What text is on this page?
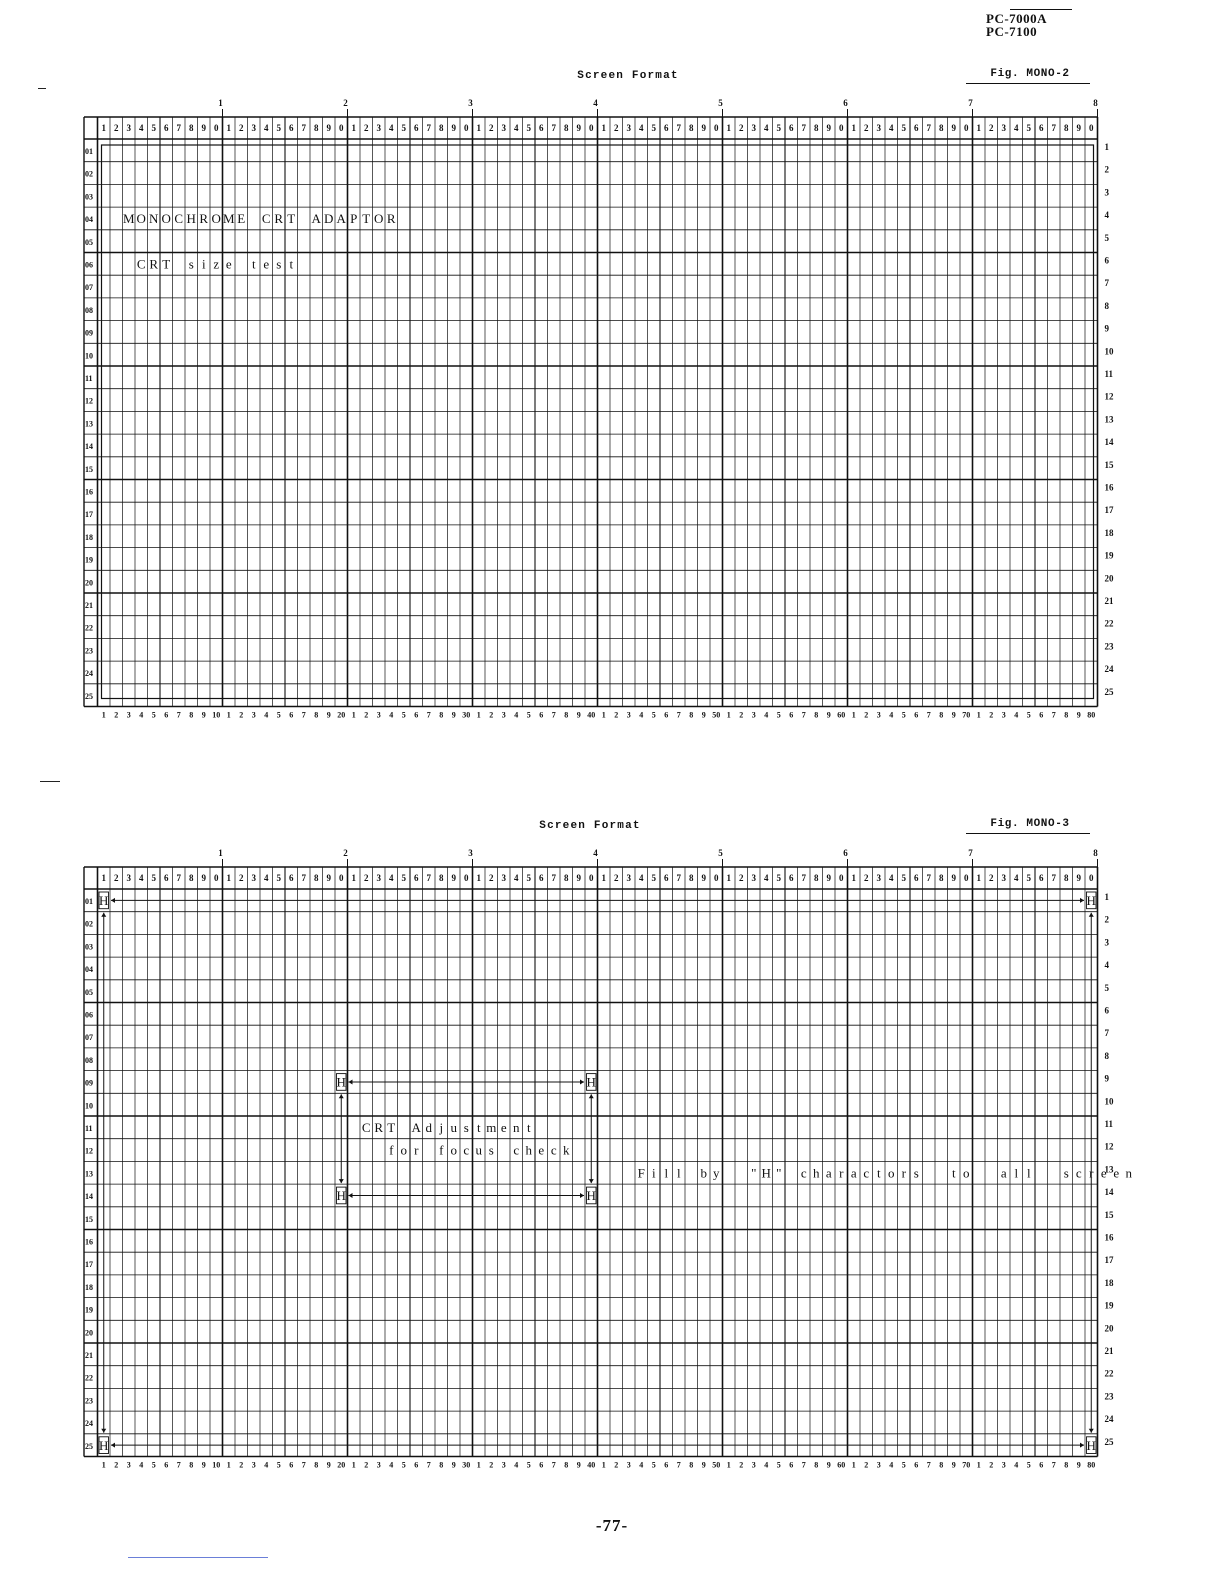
PC-7000A
PC-7100
Screen Format	Fig. MONO-2
Screen Format	Fig. MONO-3
1	2	3	4	5	6	7	8
1 2 3 4 5 6 7 8 9 0 1 2 3 4 5 6 7 8 9 0 1 2 3 4 5 6 7 8 9 0 1 2 3 4 5 6 7 8 9 0 1 2 3 4 5 6 7 8 9 0 1 2 3 4 5 6 7 8 9 0 1 2 3 4 5 6 7 8 9 0 1 2 3 4 5 6 7 8 9 0
01	1
02	2
03	3
04	4
05	5
06	6
07	7
08	8
09	9
10	10
11	11
12	12
13	13
14	14
15	15
16	16
17	17
18	18
19	19
20	20
21	21
22	22
23	23
24	24
25	25
1 2 3 4 5 6 7 8 9 10 1 2 3 4 5 6 7 8 9 20 1 2 3 4 5 6 7 8 9 30 1 2 3 4 5 6 7 8 9 40 1 2 3 4 5 6 7 8 9 50 1 2 3 4 5 6 7 8 9 60 1 2 3 4 5 6 7 8 9 70 1 2 3 4 5 6 7 8 9 80
M O N O C H R O M E C R T A D A P T O R
C R T s i z e t e s t
1	2	3	4	5	6	7	8
1 2 3 4 5 6 7 8 9 0 1 2 3 4 5 6 7 8 9 0 1 2 3 4 5 6 7 8 9 0 1 2 3 4 5 6 7 8 9 0 1 2 3 4 5 6 7 8 9 0 1 2 3 4 5 6 7 8 9 0 1 2 3 4 5 6 7 8 9 0 1 2 3 4 5 6 7 8 9 0
01	1
02	2
03	3
04	4
05	5
06	6
07	7
08	8
09	9
10	10
11	11
12	12
13	13
14	14
15	15
16	16
17	17
18	18
19	19
20	20
21	21
22	22
23	23
24	24
25	25
1 2 3 4 5 6 7 8 9 10 1 2 3 4 5 6 7 8 9 20 1 2 3 4 5 6 7 8 9 30 1 2 3 4 5 6 7 8 9 40 1 2 3 4 5 6 7 8 9 50 1 2 3 4 5 6 7 8 9 60 1 2 3 4 5 6 7 8 9 70 1 2 3 4 5 6 7 8 9 80
H	H
H	H
H	H
H	H
C R T A d j u s t m e n t
f o r f o c u s c h e c k
F i l l b y " H " c h a r a c t o r s	t o a l l	s c r e e n
-77-
